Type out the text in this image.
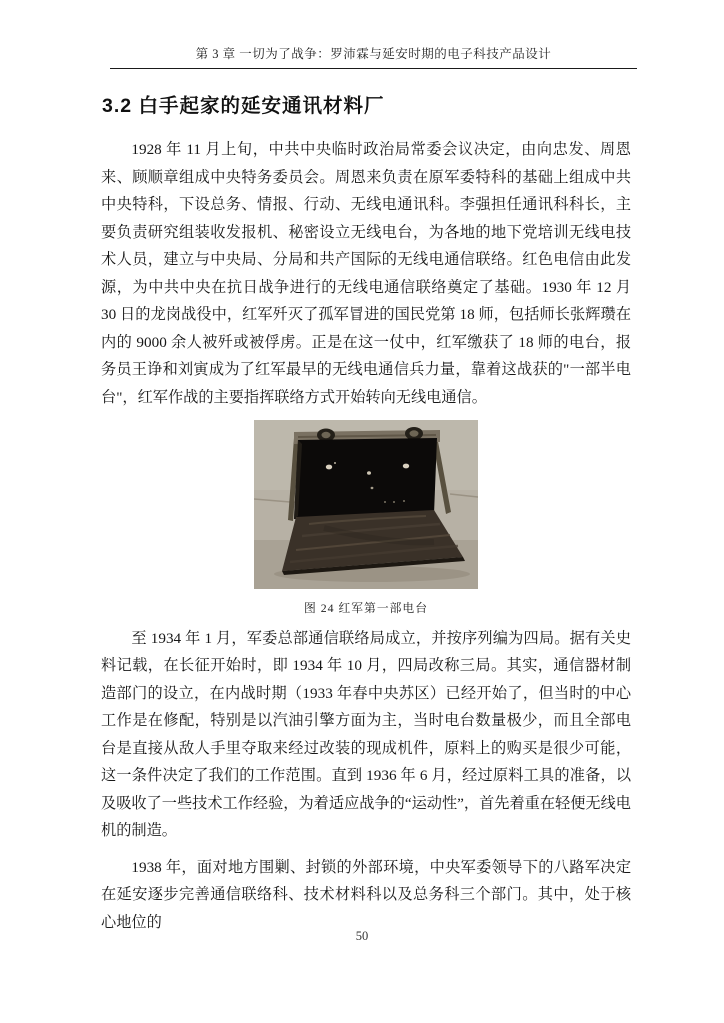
第 3 章 一切为了战争：罗沛霖与延安时期的电子科技产品设计
3.2 白手起家的延安通讯材料厂

1928 年 11 月上旬，中共中央临时政治局常委会议决定，由向忠发、周恩来、顾顺章组成中央特务委员会。周恩来负责在原军委特科的基础上组成中共中央特科，下设总务、情报、行动、无线电通讯科。李强担任通讯科科长，主要负责研究组装收发报机、秘密设立无线电台，为各地的地下党培训无线电技术人员，建立与中央局、分局和共产国际的无线电通信联络。红色电信由此发源，为中共中央在抗日战争进行的无线电通信联络奠定了基础。1930 年 12 月 30 日的龙岗战役中，红军歼灭了孤军冒进的国民党第 18 师，包括师长张辉瓒在内的 9000 余人被歼或被俘虏。正是在这一仗中，红军缴获了 18 师的电台，报务员王诤和刘寅成为了红军最早的无线电通信兵力量，靠着这战获的"一部半电台"，红军作战的主要指挥联络方式开始转向无线电通信。

图 24 红军第一部电台

至 1934 年 1 月，军委总部通信联络局成立，并按序列编为四局。据有关史料记载，在长征开始时，即 1934 年 10 月，四局改称三局。其实，通信器材制造部门的设立，在内战时期（1933 年春中央苏区）已经开始了，但当时的中心工作是在修配，特别是以汽油引擎方面为主，当时电台数量极少，而且全部电台是直接从敌人手里夺取来经过改装的现成机件，原料上的购买是很少可能，这一条件决定了我们的工作范围。直到 1936 年 6 月，经过原料工具的准备，以及吸收了一些技术工作经验，为着适应战争的“运动性”，首先着重在轻便无线电机的制造。

1938 年，面对地方围剿、封锁的外部环境，中央军委领导下的八路军决定在延安逐步完善通信联络科、技术材料科以及总务科三个部门。其中，处于核心地位的

50
